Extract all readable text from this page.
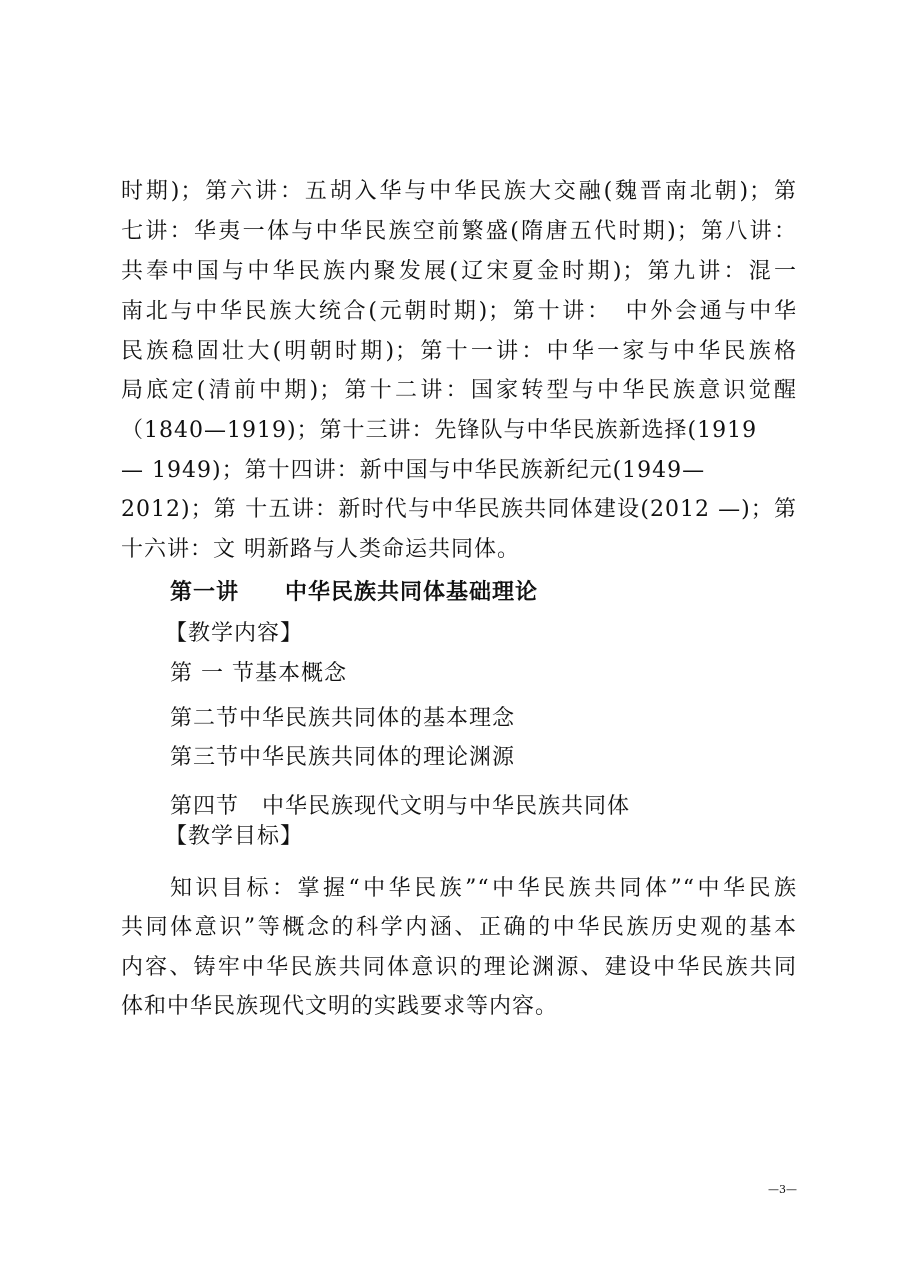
时期)；第六讲：五胡入华与中华民族大交融(魏晋南北朝)；第
七讲：华夷一体与中华民族空前繁盛(隋唐五代时期)；第八讲：
共奉中国与中华民族内聚发展(辽宋夏金时期)；第九讲：混一
南北与中华民族大统合(元朝时期)；第十讲：　中外会通与中华
民族稳固壮大(明朝时期)；第十一讲：中华一家与中华民族格
局底定(清前中期)；第十二讲：国家转型与中华民族意识觉醒
（1840—1919)；第十三讲：先锋队与中华民族新选择(1919
— 1949)；第十四讲：新中国与中华民族新纪元(1949—
2012)；第 十五讲：新时代与中华民族共同体建设(2012 —)；第
十六讲：文 明新路与人类命运共同体。
第一讲　　中华民族共同体基础理论
【教学内容】
第 一 节基本概念
第二节中华民族共同体的基本理念
第三节中华民族共同体的理论渊源
第四节　中华民族现代文明与中华民族共同体
【教学目标】
知识目标：掌握“中华民族”“中华民族共同体”“中华民族
共同体意识”等概念的科学内涵、正确的中华民族历史观的基本
内容、铸牢中华民族共同体意识的理论渊源、建设中华民族共同
体和中华民族现代文明的实践要求等内容。
—3—
